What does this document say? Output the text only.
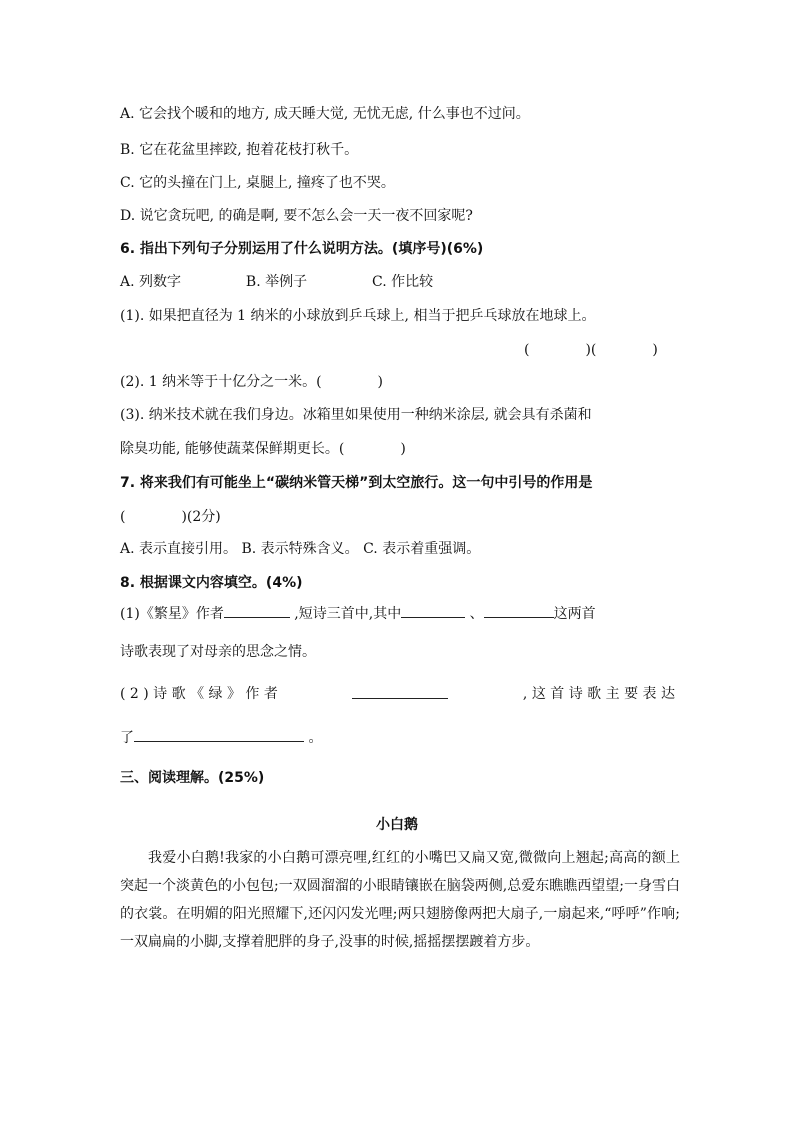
A. 它会找个暖和的地方, 成天睡大觉, 无忧无虑, 什么事也不过问。
B. 它在花盆里摔跤, 抱着花枝打秋千。
C. 它的头撞在门上, 桌腿上, 撞疼了也不哭。
D. 说它贪玩吧, 的确是啊, 要不怎么会一天一夜不回家呢?
6. 指出下列句子分别运用了什么说明方法。(填序号)(6%)
A. 列数字	B. 举例子	C. 作比较
(1). 如果把直径为 1 纳米的小球放到乒乓球上, 相当于把乒乓球放在地球上。
(　　　　)(　　　　)
(2). 1 纳米等于十亿分之一米。(　　　　)
(3). 纳米技术就在我们身边。冰箱里如果使用一种纳米涂层, 就会具有杀菌和
除臭功能, 能够使蔬菜保鲜期更长。(　　　　)
7. 将来我们有可能坐上“碳纳米管天梯”到太空旅行。这一句中引号的作用是
(　　　　)(2分)
A. 表示直接引用。 B. 表示特殊含义。 C. 表示着重强调。
8. 根据课文内容填空。(4%)
(1)《繁星》作者	,短诗三首中,其中	、	这两首
诗歌表现了对母亲的思念之情。
( 2 ) 诗 歌 《 绿 》 作 者	, 这 首 诗 歌 主 要 表 达
了	。
三、阅读理解。(25%)
小白鹅
我爱小白鹅!我家的小白鹅可漂亮哩,红红的小嘴巴又扁又宽,微微向上翘起;高高的额上突起一个淡黄色的小包包;一双圆溜溜的小眼睛镶嵌在脑袋两侧,总爱东瞧瞧西望望;一身雪白的衣裳。在明媚的阳光照耀下,还闪闪发光哩;两只翅膀像两把大扇子,一扇起来,“呼呼”作响;一双扁扁的小脚,支撑着肥胖的身子,没事的时候,摇摇摆摆踱着方步。
